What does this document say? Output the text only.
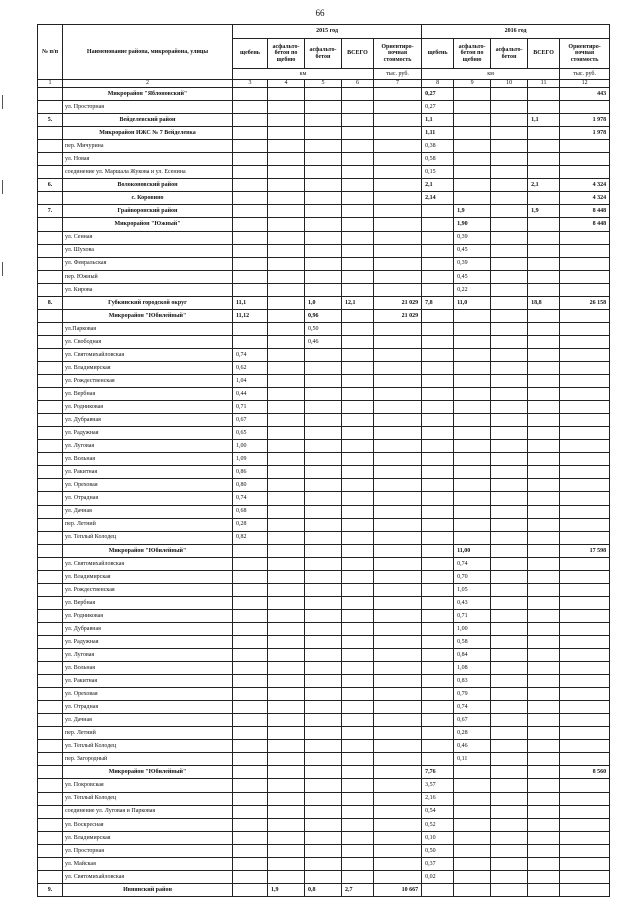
66
№ п/п	Наименование района, микрорайона, улицы	2015 год					2016 год				
		щебень	асфальто-бетон по щебню	асфальто-бетон	ВСЕГО	Ориентиро-вочная стоимость	щебень	асфальто-бетон по щебню	асфальто-бетон	ВСЕГО	Ориентиро-вочная стоимость
		км				тыс. руб.	км				тыс. руб.
1	2	3	4	5	6	7	8	9	10	11	12
	Микрорайон "Яблоновский"						0,27				443
	ул. Просторная						0,27				
5.	Вейделевский район						1,1			1,1	1 978
	Микрорайон ИЖС № 7 Вейделевка						1,11				1 978
	пер. Мичурина						0,38				
	ул. Новая						0,58				
	соединение ул. Маршала Жукова и ул. Есенина						0,15				
6.	Волоконовский район						2,1			2,1	4 324
	с. Коровино						2,14				4 324
7.	Грайворонский район							1,9		1,9	8 448
	Микрорайон "Южный"							1,90			8 448
	ул. Сенная							0,39			
	ул. Шухова							0,45			
	ул. Февральская							0,39			
	пер. Южный							0,45			
	ул. Кирова							0,22			
8.	Губкинский городской округ	11,1		1,0	12,1	21 029	7,8	11,0		18,8	26 158
	Микрорайон "Юбилейный"	11,12		0,96		21 029					
	ул.Парковая			0,50							
	ул. Свободная			0,46							
	ул. Святомихайловская	0,74									
	ул. Владимирская	0,62									
	ул. Рождественская	1,04									
	ул. Вербная	0,44									
	ул. Родниковая	0,71									
	ул. Дубравная	0,67									
	ул. Радужная	0,65									
	ул. Луговая	1,00									
	ул. Вольная	1,09									
	ул. Ракитная	0,86									
	ул. Ореховая	0,80									
	ул. Отрадная	0,74									
	ул. Дачная	0,68									
	пер. Летний	0,28									
	ул. Теплый Колодец	0,82									
	Микрорайон "Юбилейный"							11,00			17 598
	ул. Святомихайловская							0,74			
	ул. Владимирская							0,70			
	ул. Рождественская							1,05			
	ул. Вербная							0,43			
	ул. Родниковая							0,71			
	ул. Дубравная							1,00			
	ул. Радужная							0,58			
	ул. Луговая							0,84			
	ул. Вольная							1,08			
	ул. Ракитная							0,83			
	ул. Ореховая							0,79			
	ул. Отрадная							0,74			
	ул. Дачная							0,67			
	пер. Летний							0,28			
	ул. Теплый Колодец							0,46			
	пер. Загородный							0,11			
	Микрорайон "Юбилейный"						7,76				8 560
	ул. Покровская						3,57				
	ул. Теплый Колодец						2,16				
	соединение ул. Луговая и Парковая						0,54				
	ул. Воскресная						0,52				
	ул. Владимирская						0,10				
	ул. Просторная						0,50				
	ул. Майская						0,37				
	ул. Святомихайловская						0,02				
9.	Ивнянский район		1,9	0,8	2,7	10 667					
